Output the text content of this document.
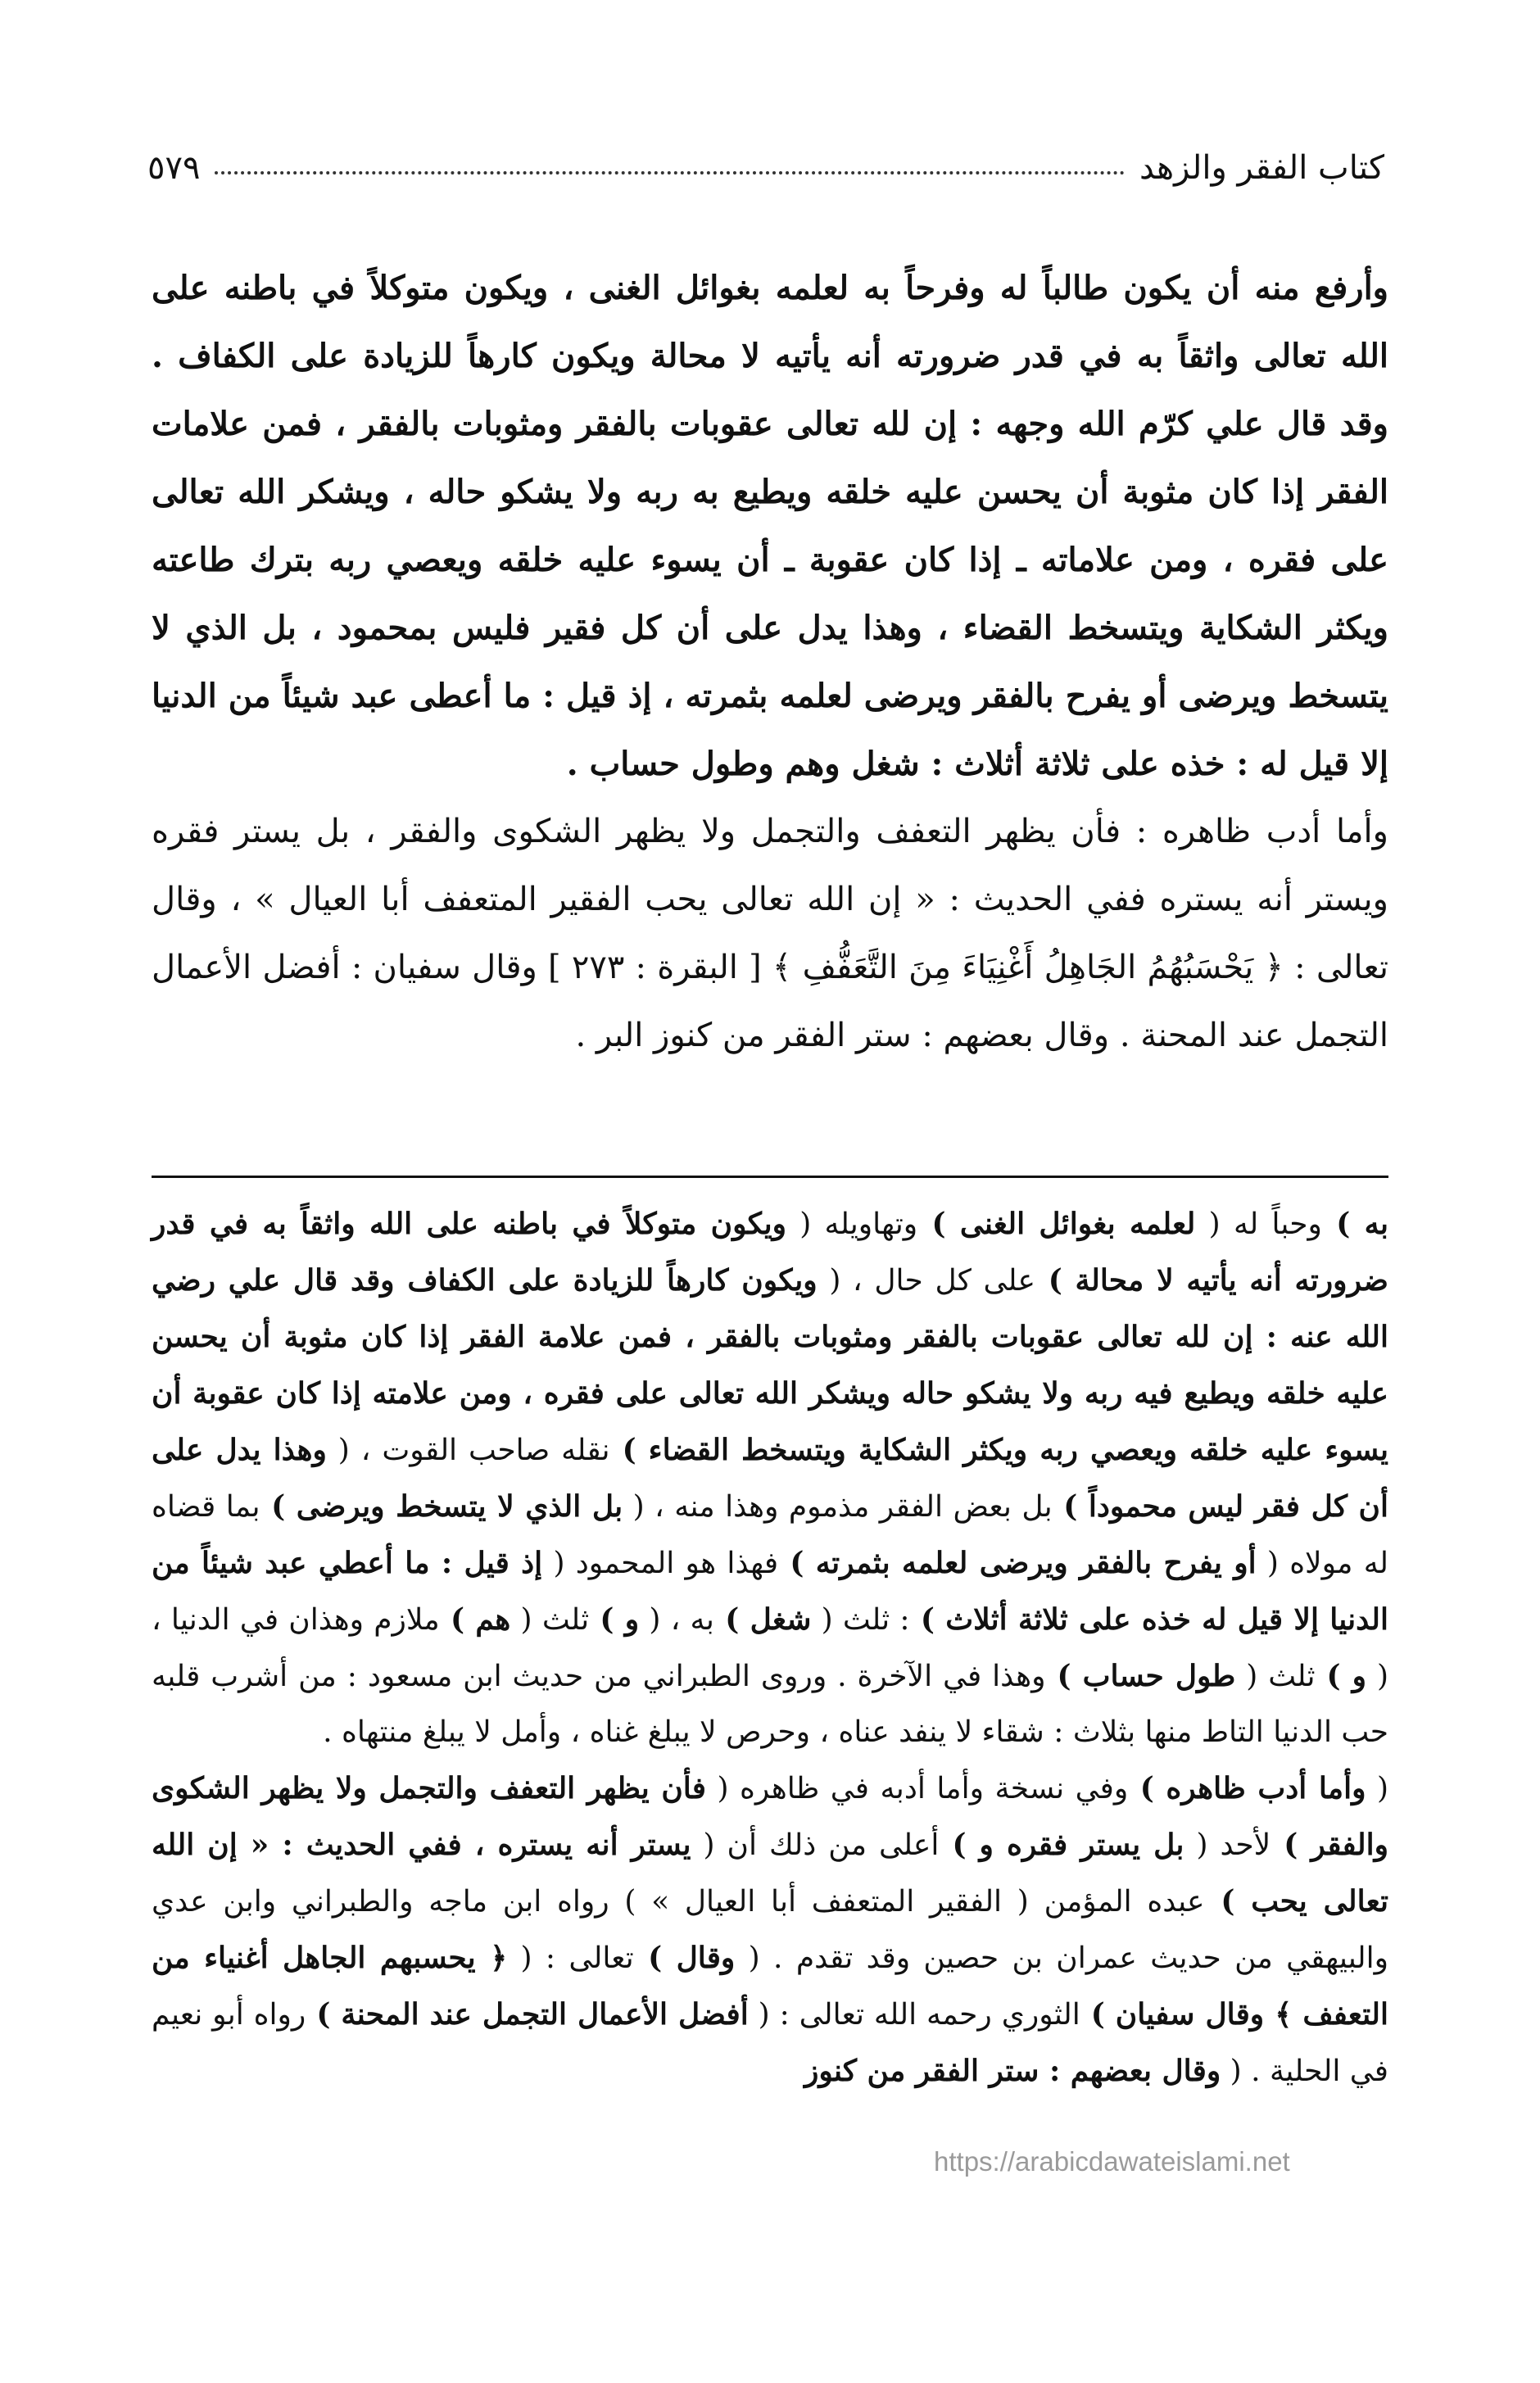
كتاب الفقر والزهد
٥٧٩

وأرفع منه أن يكون طالباً له وفرحاً به لعلمه بغوائل الغنى ، ويكون متوكلاً في باطنه على الله تعالى واثقاً به في قدر ضرورته أنه يأتيه لا محالة ويكون كارهاً للزيادة على الكفاف . وقد قال علي كرّم الله وجهه : إن لله تعالى عقوبات بالفقر ومثوبات بالفقر ، فمن علامات الفقر إذا كان مثوبة أن يحسن عليه خلقه ويطيع به ربه ولا يشكو حاله ، ويشكر الله تعالى على فقره ، ومن علاماته ـ إذا كان عقوبة ـ أن يسوء عليه خلقه ويعصي ربه بترك طاعته ويكثر الشكاية ويتسخط القضاء ، وهذا يدل على أن كل فقير فليس بمحمود ، بل الذي لا يتسخط ويرضى أو يفرح بالفقر ويرضى لعلمه بثمرته ، إذ قيل : ما أعطى عبد شيئاً من الدنيا إلا قيل له : خذه على ثلاثة أثلاث : شغل وهم وطول حساب .

وأما أدب ظاهره : فأن يظهر التعفف والتجمل ولا يظهر الشكوى والفقر ، بل يستر فقره ويستر أنه يستره ففي الحديث : « إن الله تعالى يحب الفقير المتعفف أبا العيال » ، وقال تعالى : ﴿ يَحْسَبُهُمُ الجَاهِلُ أَغْنِيَاءَ مِنَ التَّعَفُّفِ ﴾ [ البقرة : ٢٧٣ ] وقال سفيان : أفضل الأعمال التجمل عند المحنة . وقال بعضهم : ستر الفقر من كنوز البر .

به ) وحباً له ( لعلمه بغوائل الغنى ) وتهاويله ( ويكون متوكلاً في باطنه على الله واثقاً به في قدر ضرورته أنه يأتيه لا محالة ) على كل حال ، ( ويكون كارهاً للزيادة على الكفاف وقد قال علي رضي الله عنه : إن لله تعالى عقوبات بالفقر ومثوبات بالفقر ، فمن علامة الفقر إذا كان مثوبة أن يحسن عليه خلقه ويطيع فيه ربه ولا يشكو حاله ويشكر الله تعالى على فقره ، ومن علامته إذا كان عقوبة أن يسوء عليه خلقه ويعصي ربه ويكثر الشكاية ويتسخط القضاء ) نقله صاحب القوت ، ( وهذا يدل على أن كل فقر ليس محموداً ) بل بعض الفقر مذموم وهذا منه ، ( بل الذي لا يتسخط ويرضى ) بما قضاه له مولاه ( أو يفرح بالفقر ويرضى لعلمه بثمرته ) فهذا هو المحمود ( إذ قيل : ما أعطي عبد شيئاً من الدنيا إلا قيل له خذه على ثلاثة أثلاث ) : ثلث ( شغل ) به ، ( و ) ثلث ( هم ) ملازم وهذان في الدنيا ، ( و ) ثلث ( طول حساب ) وهذا في الآخرة . وروى الطبراني من حديث ابن مسعود : من أشرب قلبه حب الدنيا التاط منها بثلاث : شقاء لا ينفد عناه ، وحرص لا يبلغ غناه ، وأمل لا يبلغ منتهاه .

( وأما أدب ظاهره ) وفي نسخة وأما أدبه في ظاهره ( فأن يظهر التعفف والتجمل ولا يظهر الشكوى والفقر ) لأحد ( بل يستر فقره و ) أعلى من ذلك أن ( يستر أنه يستره ، ففي الحديث : « إن الله تعالى يحب ) عبده المؤمن ( الفقير المتعفف أبا العيال » ) رواه ابن ماجه والطبراني وابن عدي والبيهقي من حديث عمران بن حصين وقد تقدم . ( وقال ) تعالى : ( ﴿ يحسبهم الجاهل أغنياء من التعفف ﴾ وقال سفيان ) الثوري رحمه الله تعالى : ( أفضل الأعمال التجمل عند المحنة ) رواه أبو نعيم في الحلية . ( وقال بعضهم : ستر الفقر من كنوز

https://arabicdawateislami.net
